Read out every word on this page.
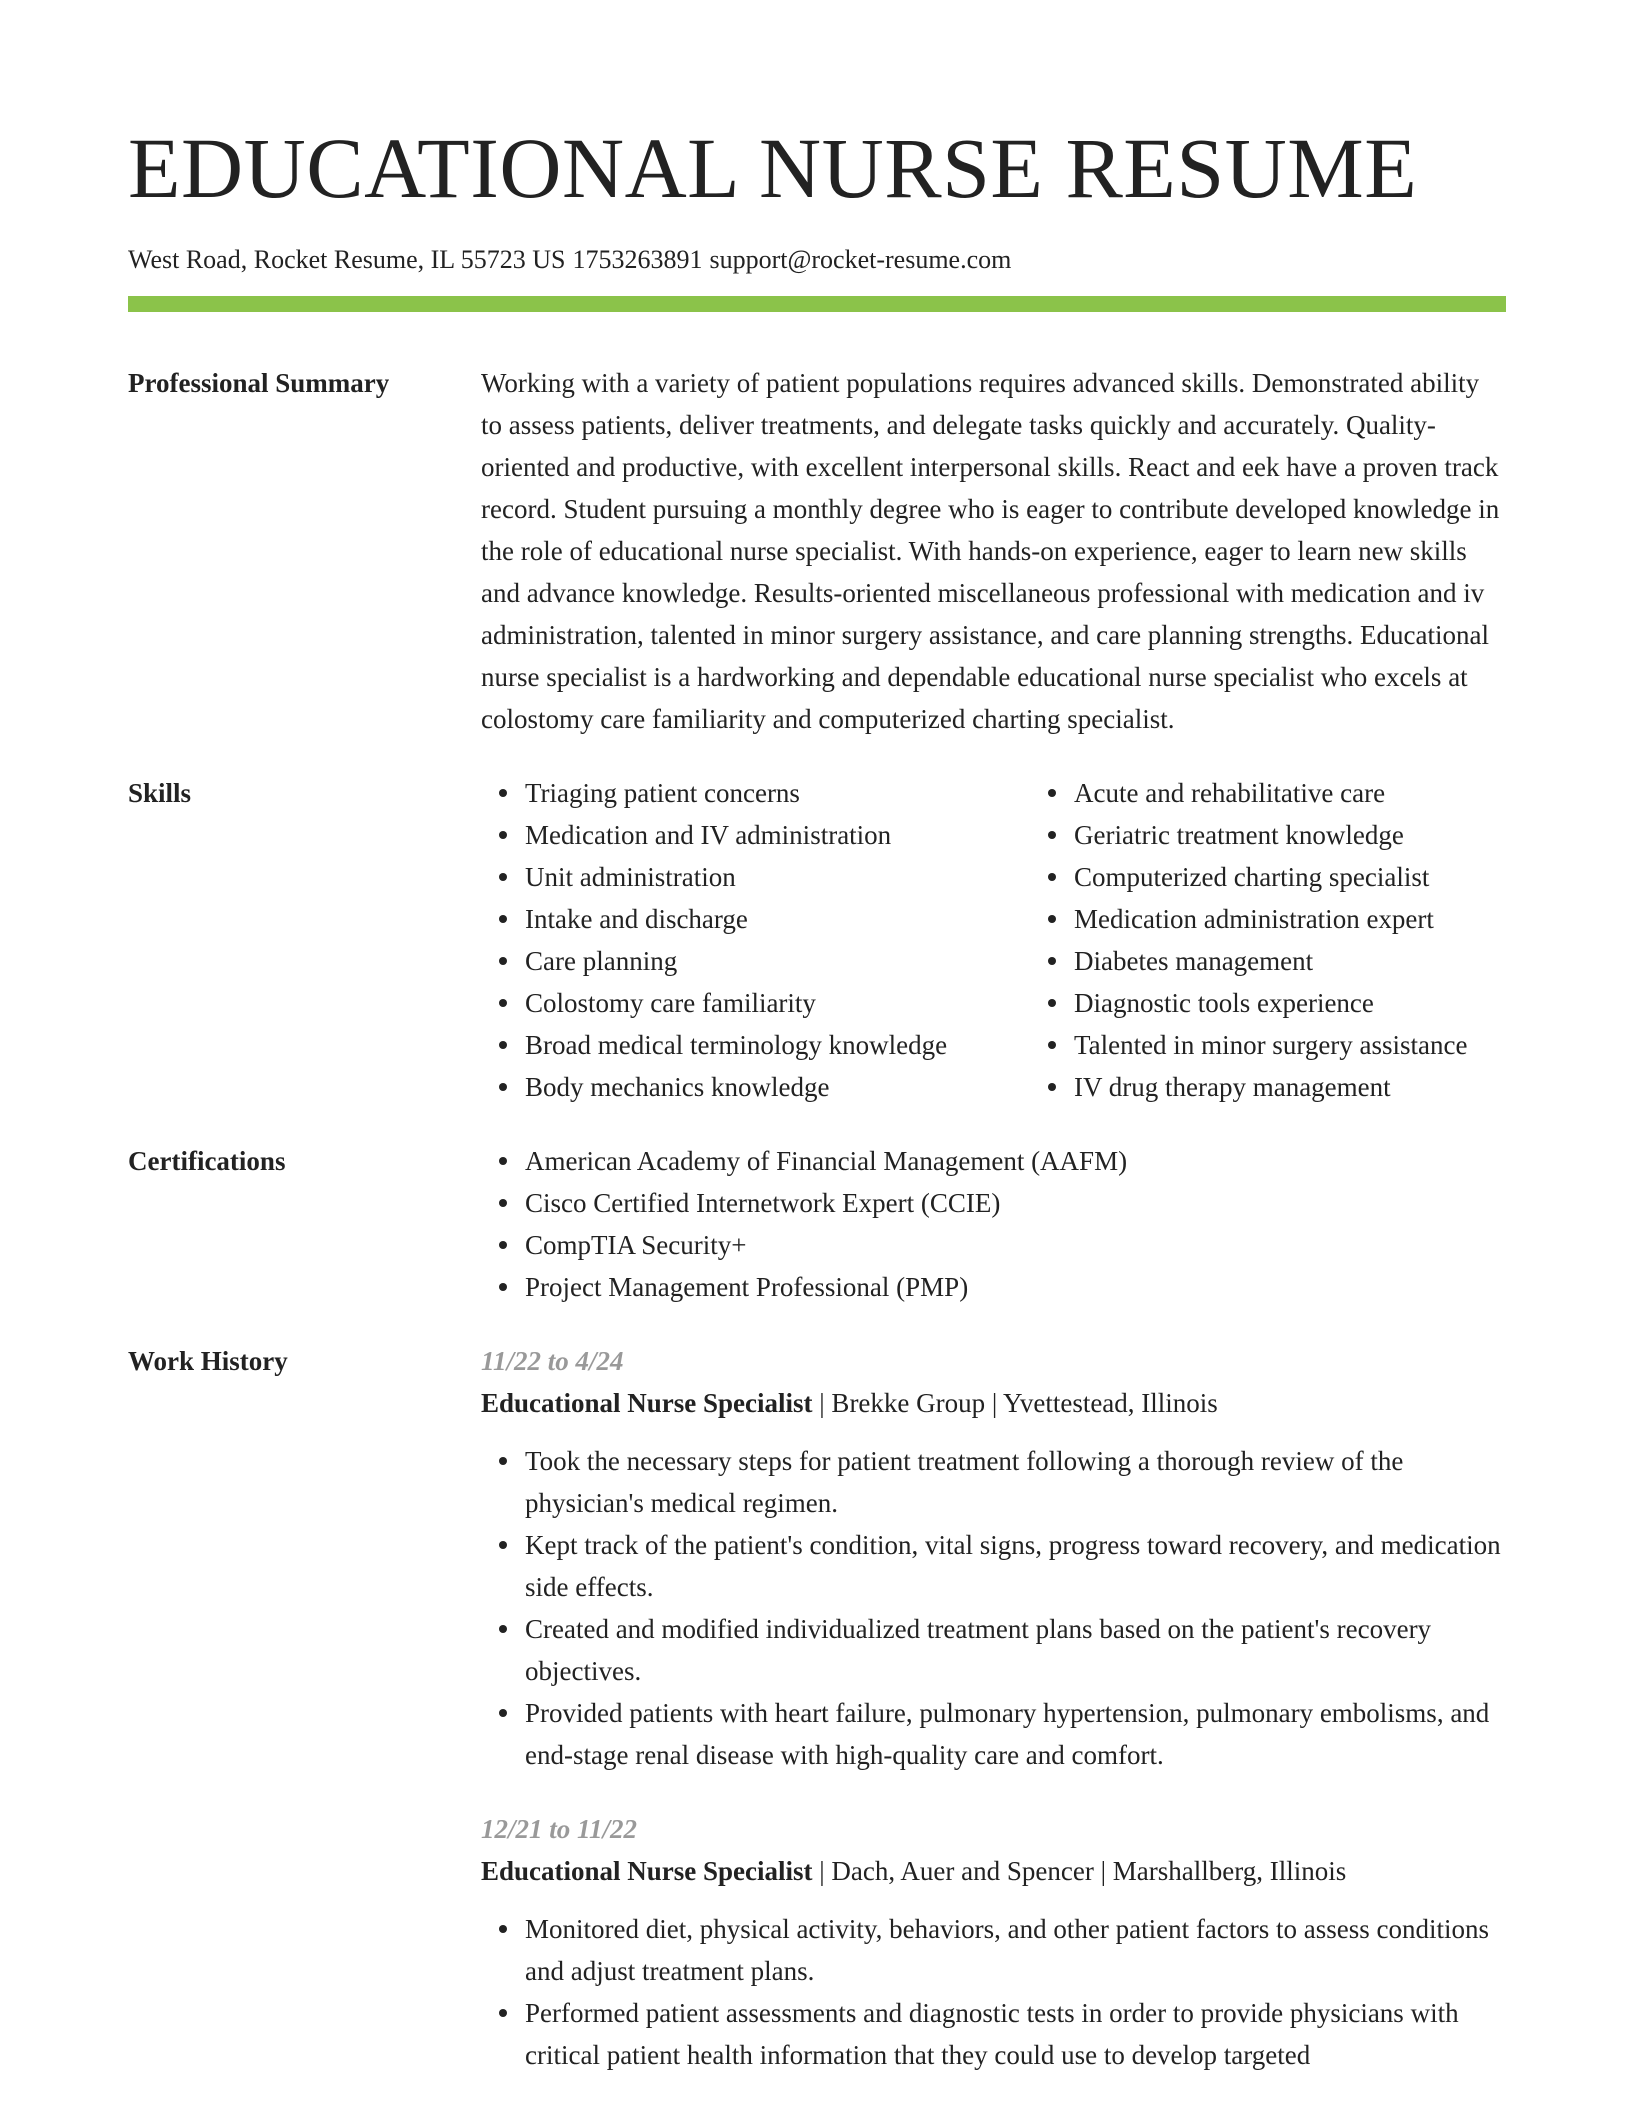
EDUCATIONAL NURSE RESUME
West Road, Rocket Resume, IL 55723 US 1753263891 support@rocket-resume.com
Professional Summary	Working with a variety of patient populations requires advanced skills. Demonstrated ability to assess patients, deliver treatments, and delegate tasks quickly and accurately. Quality-oriented and productive, with excellent interpersonal skills. React and eek have a proven track record. Student pursuing a monthly degree who is eager to contribute developed knowledge in the role of educational nurse specialist. With hands-on experience, eager to learn new skills and advance knowledge. Results-oriented miscellaneous professional with medication and iv administration, talented in minor surgery assistance, and care planning strengths. Educational nurse specialist is a hardworking and dependable educational nurse specialist who excels at colostomy care familiarity and computerized charting specialist.
Skills	Triaging patient concerns
Medication and IV administration
Unit administration
Intake and discharge
Care planning
Colostomy care familiarity
Broad medical terminology knowledge
Body mechanics knowledge
Acute and rehabilitative care
Geriatric treatment knowledge
Computerized charting specialist
Medication administration expert
Diabetes management
Diagnostic tools experience
Talented in minor surgery assistance
IV drug therapy management
Certifications	American Academy of Financial Management (AAFM)
Cisco Certified Internetwork Expert (CCIE)
CompTIA Security+
Project Management Professional (PMP)
Work History	11/22 to 4/24
Educational Nurse Specialist | Brekke Group | Yvettestead, Illinois
Took the necessary steps for patient treatment following a thorough review of the physician's medical regimen.
Kept track of the patient's condition, vital signs, progress toward recovery, and medication side effects.
Created and modified individualized treatment plans based on the patient's recovery objectives.
Provided patients with heart failure, pulmonary hypertension, pulmonary embolisms, and end-stage renal disease with high-quality care and comfort.
12/21 to 11/22
Educational Nurse Specialist | Dach, Auer and Spencer | Marshallberg, Illinois
Monitored diet, physical activity, behaviors, and other patient factors to assess conditions and adjust treatment plans.
Performed patient assessments and diagnostic tests in order to provide physicians with critical patient health information that they could use to develop targeted
